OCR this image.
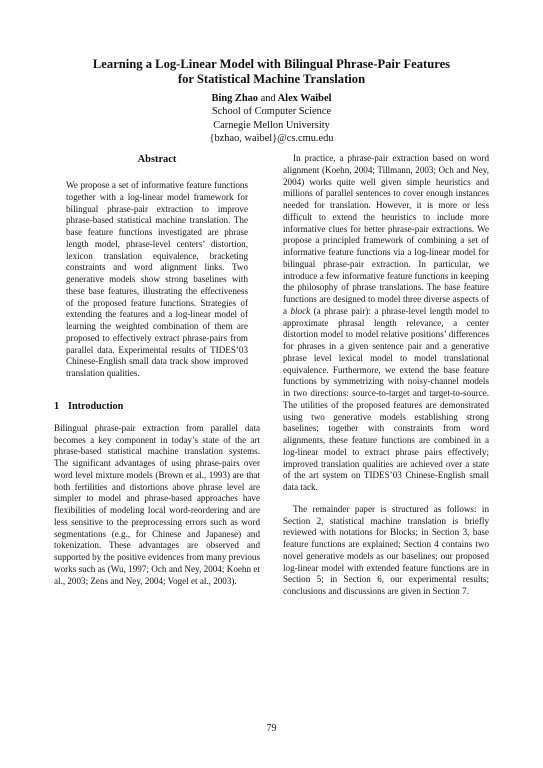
Learning a Log-Linear Model with Bilingual Phrase-Pair Features
for Statistical Machine Translation
Bing Zhao and Alex Waibel
School of Computer Science
Carnegie Mellon University
{bzhao, waibel}@cs.cmu.edu
Abstract

We propose a set of informative feature functions together with a log-linear model framework for bilingual phrase-pair extraction to improve phrase-based statistical machine translation. The base feature functions investigated are phrase length model, phrase-level centers’ distortion, lexicon translation equivalence, bracketing constraints and word alignment links. Two generative models show strong baselines with these base features, illustrating the effectiveness of the proposed feature functions. Strategies of extending the features and a log-linear model of learning the weighted combination of them are proposed to effectively extract phrase-pairs from parallel data. Experimental results of TIDES’03 Chinese-English small data track show improved translation qualities.

1 Introduction

Bilingual phrase-pair extraction from parallel data becomes a key component in today’s state of the art phrase-based statistical machine translation systems. The significant advantages of using phrase-pairs over word level mixture models (Brown et al., 1993) are that both fertilities and distortions above phrase level are simpler to model and phrase-based approaches have flexibilities of modeling local word-reordering and are less sensitive to the preprocessing errors such as word segmentations (e.g., for Chinese and Japanese) and tokenization. These advantages are observed and supported by the positive evidences from many previous works such as (Wu, 1997; Och and Ney, 2004; Koehn et al., 2003; Zens and Ney, 2004; Vogel et al., 2003).

In practice, a phrase-pair extraction based on word alignment (Koehn, 2004; Tillmann, 2003; Och and Ney, 2004) works quite well given simple heuristics and millions of parallel sentences to cover enough instances needed for translation. However, it is more or less difficult to extend the heuristics to include more informative clues for better phrase-pair extractions. We propose a principled framework of combining a set of informative feature functions via a log-linear model for bilingual phrase-pair extraction. In particular, we introduce a few informative feature functions in keeping the philosophy of phrase translations. The base feature functions are designed to model three diverse aspects of a block (a phrase pair): a phrase-level length model to approximate phrasal length relevance, a center distortion model to model relative positions’ differences for phrases in a given sentence pair and a generative phrase level lexical model to model translational equivalence. Furthermore, we extend the base feature functions by symmetrizing with noisy-channel models in two directions: source-to-target and target-to-source. The utilities of the proposed features are demonstrated using two generative models establishing strong baselines; together with constraints from word alignments, these feature functions are combined in a log-linear model to extract phrase pairs effectively; improved translation qualities are achieved over a state of the art system on TIDES’03 Chinese-English small data tack.

The remainder paper is structured as follows: in Section 2, statistical machine translation is briefly reviewed with notations for Blocks; in Section 3, base feature functions are explained; Section 4 contains two novel generative models as our baselines; our proposed log-linear model with extended feature functions are in Section 5; in Section 6, our experimental results; conclusions and discussions are given in Section 7.

79
